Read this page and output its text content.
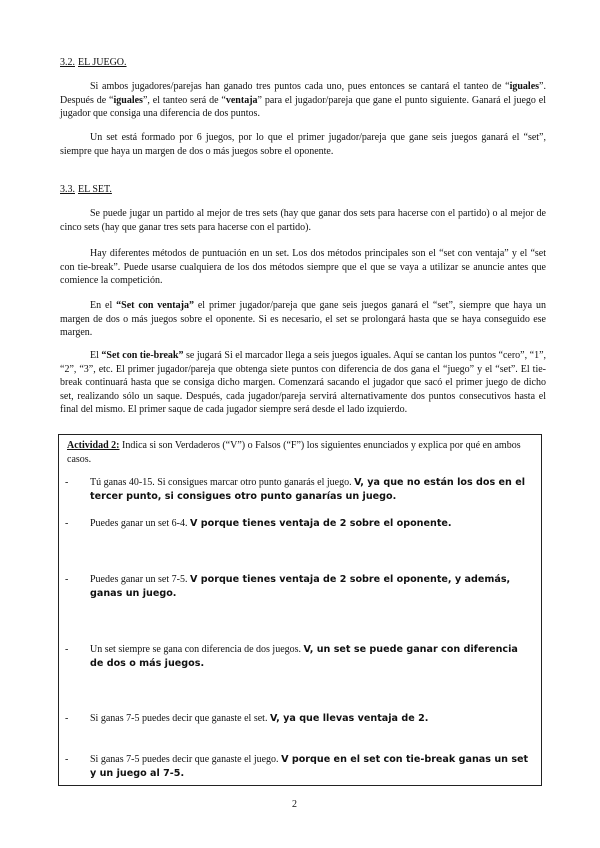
3.2. EL JUEGO.
Si ambos jugadores/parejas han ganado tres puntos cada uno, pues entonces se cantará el tanteo de “iguales”. Después de “iguales”, el tanteo será de “ventaja” para el jugador/pareja que gane el punto siguiente. Ganará el juego el jugador que consiga una diferencia de dos puntos.
Un set está formado por 6 juegos, por lo que el primer jugador/pareja que gane seis juegos ganará el “set”, siempre que haya un margen de dos o más juegos sobre el oponente.
3.3. EL SET.
Se puede jugar un partido al mejor de tres sets (hay que ganar dos sets para hacerse con el partido) o al mejor de cinco sets (hay que ganar tres sets para hacerse con el partido).
Hay diferentes métodos de puntuación en un set. Los dos métodos principales son el “set con ventaja” y el “set con tie-break”. Puede usarse cualquiera de los dos métodos siempre que el que se vaya a utilizar se anuncie antes que comience la competición.
En el “Set con ventaja” el primer jugador/pareja que gane seis juegos ganará el “set”, siempre que haya un margen de dos o más juegos sobre el oponente. Si es necesario, el set se prolongará hasta que se haya conseguido ese margen.
El “Set con tie-break” se jugará Si el marcador llega a seis juegos iguales. Aquí se cantan los puntos “cero”, “1”, “2”, “3”, etc. El primer jugador/pareja que obtenga siete puntos con diferencia de dos gana el “juego” y el “set”. El tie-break continuará hasta que se consiga dicho margen. Comenzará sacando el jugador que sacó el primer juego de dicho set, realizando sólo un saque. Después, cada jugador/pareja servirá alternativamente dos puntos consecutivos hasta el final del mismo. El primer saque de cada jugador siempre será desde el lado izquierdo.
Actividad 2: Indica si son Verdaderos (“V”) o Falsos (“F”) los siguientes enunciados y explica por qué en ambos casos.
- Tú ganas 40-15. Si consigues marcar otro punto ganarás el juego. V, ya que no están los dos en el tercer punto, si consigues otro punto ganarías un juego.
- Puedes ganar un set 6-4. V porque tienes ventaja de 2 sobre el oponente.
- Puedes ganar un set 7-5. V porque tienes ventaja de 2 sobre el oponente, y además, ganas un juego.
- Un set siempre se gana con diferencia de dos juegos. V, un set se puede ganar con diferencia de dos o más juegos.
- Si ganas 7-5 puedes decir que ganaste el set. V, ya que llevas ventaja de 2.
- Si ganas 7-5 puedes decir que ganaste el juego. V porque en el set con tie-break ganas un set y un juego al 7-5.
2
